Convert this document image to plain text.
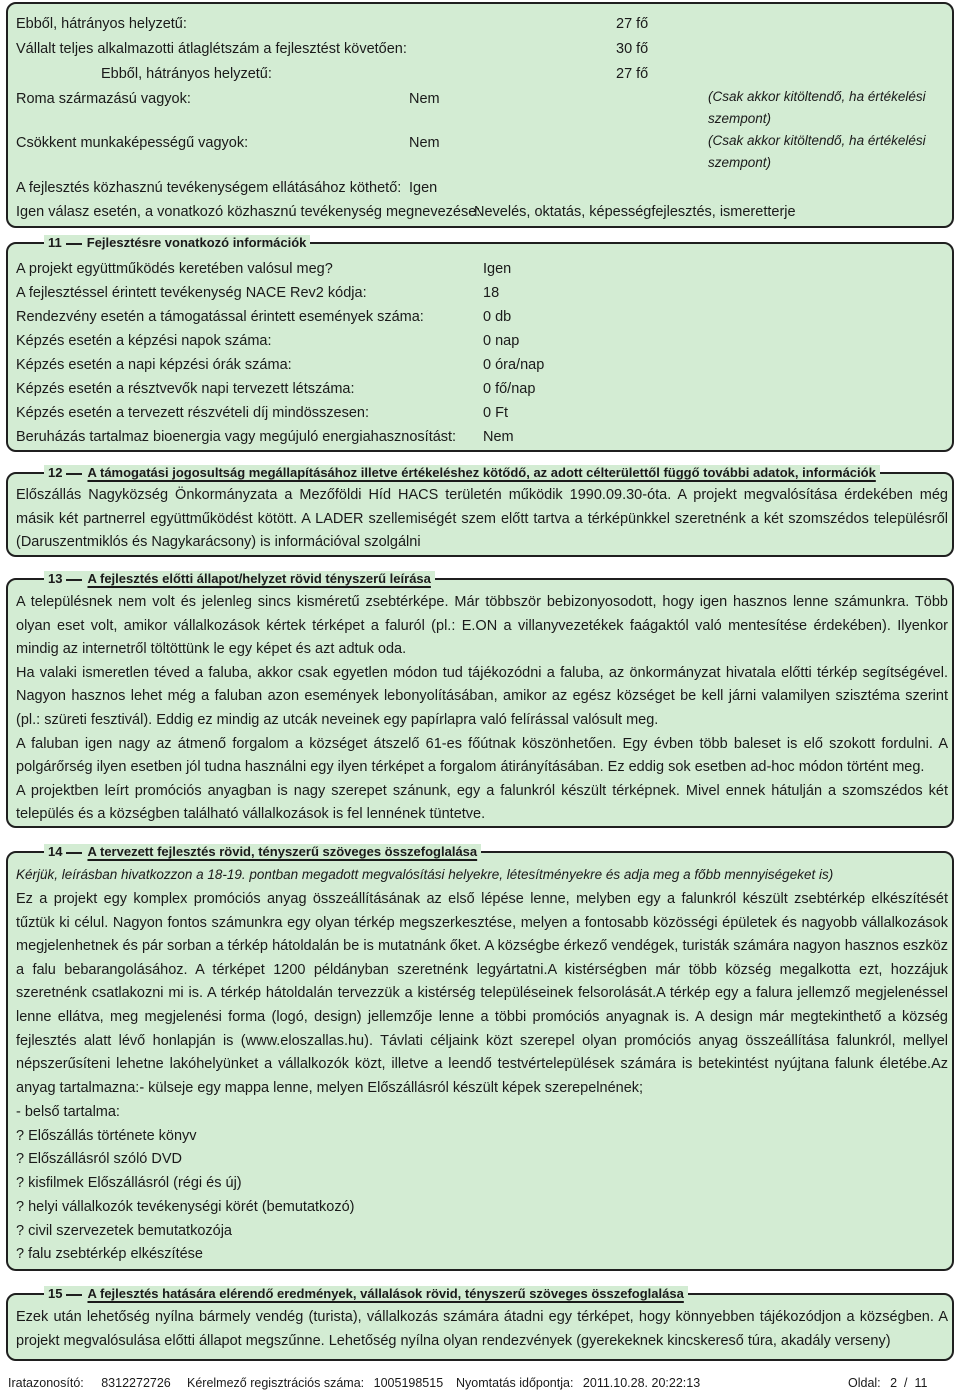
Ebből, hátrányos helyzetű:	27 fő
Vállalt teljes alkalmazotti átlaglétszám a fejlesztést követően:	30 fő
Ebből, hátrányos helyzetű:	27 fő
Roma származású vagyok:	Nem	(Csak akkor kitöltendő, ha értékelési
szempont)
Csökkent munkaképességű vagyok:	Nem	(Csak akkor kitöltendő, ha értékelési
szempont)
A fejlesztés közhasznú tevékenységem ellátásához köthető: Igen
Igen válasz esetén, a vonatkozó közhasznú tevékenység megnevezése:
Nevelés, oktatás, képességfejlesztés, ismeretterje
11 Fejlesztésre vonatkozó információk
A projekt együttműködés keretében valósul meg?	Igen
A fejlesztéssel érintett tevékenység NACE Rev2 kódja:	18
Rendezvény esetén a támogatással érintett események száma:	0 db
Képzés esetén a képzési napok száma:	0 nap
Képzés esetén a napi képzési órák száma:	0 óra/nap
Képzés esetén a résztvevők napi tervezett létszáma:	0 fő/nap
Képzés esetén a tervezett részvételi díj mindösszesen:	0 Ft
Beruházás tartalmaz bioenergia vagy megújuló energiahasznosítást: Nem
12 A támogatási jogosultság megállapításához illetve értékeléshez kötődő, az adott célterülettől függő további adatok, információk
Előszállás Nagyközség Önkormányzata a Mezőföldi Híd HACS területén működik 1990.09.30-óta. A projekt megvalósítása érdekében még másik két partnerrel együttműködést kötött. A LADER szellemiségét szem előtt tartva a térképünkkel szeretnénk a két szomszédos településről (Daruszentmiklós és Nagykarácsony) is információval szolgálni
13 A fejlesztés előtti állapot/helyzet rövid tényszerű leírása

A településnek nem volt és jelenleg sincs kisméretű zsebtérképe. Már többször bebizonyosodott, hogy igen hasznos lenne számunkra. Több olyan eset volt, amikor vállalkozások kértek térképet a faluról (pl.: E.ON a villanyvezetékek faágaktól való mentesítése érdekében). Ilyenkor mindig az internetről töltöttünk le egy képet és azt adtuk oda.

Ha valaki ismeretlen téved a faluba, akkor csak egyetlen módon tud tájékozódni a faluba, az önkormányzat hivatala előtti térkép segítségével. Nagyon hasznos lehet még a faluban azon események lebonyolításában, amikor az egész községet be kell járni valamilyen szisztéma szerint (pl.: szüreti fesztivál). Eddig ez mindig az utcák neveinek egy papírlapra való felírással valósult meg.

A faluban igen nagy az átmenő forgalom a községet átszelő 61-es főútnak köszönhetően. Egy évben több baleset is elő szokott fordulni. A polgárőrség ilyen esetben jól tudna használni egy ilyen térképet a forgalom átirányításában. Ez eddig sok esetben ad-hoc módon történt meg.

A projektben leírt promóciós anyagban is nagy szerepet szánunk, egy a falunkról készült térképnek. Mivel ennek hátulján a szomszédos két település és a községben található vállalkozások is fel lennének tüntetve.

14 A tervezett fejlesztés rövid, tényszerű szöveges összefoglalása
Kérjük, leírásban hivatkozzon a 18-19. pontban megadott megvalósítási helyekre, létesítményekre és adja meg a főbb mennyiségeket is)
Ez a projekt egy komplex promóciós anyag összeállításának az első lépése lenne, melyben egy a falunkról készült zsebtérkép elkészítését tűztük ki célul. Nagyon fontos számunkra egy olyan térkép megszerkesztése, melyen a fontosabb közösségi épületek és nagyobb vállalkozások megjelenhetnek és pár sorban a térkép hátoldalán be is mutatnánk őket. A községbe érkező vendégek, turisták számára nagyon hasznos eszköz a falu bebarangolásához. A térképet 1200 példányban szeretnénk legyártatni.A kistérségben már több község megalkotta ezt, hozzájuk szeretnénk csatlakozni mi is. A térkép hátoldalán tervezzük a kistérség településeinek felsorolását.A térkép egy a falura jellemző megjelenéssel lenne ellátva, meg megjelenési forma (logó, design) jellemzője lenne a többi promóciós anyagnak is. A design már megtekinthető a község fejlesztés alatt lévő honlapján is (www.eloszallas.hu). Távlati céljaink közt szerepel olyan promóciós anyag összeállítása falunkról, mellyel népszerűsíteni lehetne lakóhelyünket a vállalkozók közt, illetve a leendő testvértelepülések számára is betekintést nyújtana falunk életébe.Az anyag tartalmazna:- külseje egy mappa lenne, melyen Előszállásról készült képek szerepelnének;
- belső tartalma:
? Előszállás története könyv
? Előszállásról szóló DVD
? kisfilmek Előszállásról (régi és új)
? helyi vállalkozók tevékenységi körét (bemutatkozó)
? civil szervezetek bemutatkozója
? falu zsebtérkép elkészítése
15 A fejlesztés hatására elérendő eredmények, vállalások rövid, tényszerű szöveges összefoglalása
Ezek után lehetőség nyílna bármely vendég (turista), vállalkozás számára átadni egy térképet, hogy könnyebben tájékozódjon a községben. A projekt megvalósulása előtti állapot megszűnne. Lehetőség nyílna olyan rendezvények (gyerekeknek kincskereső túra, akadály verseny)
Iratazonosító: 8312272726 Kérelmező regisztrációs száma: 1005198515 Nyomtatás időpontja: 2011.10.28. 20:22:13	Oldal: 2  /  11
